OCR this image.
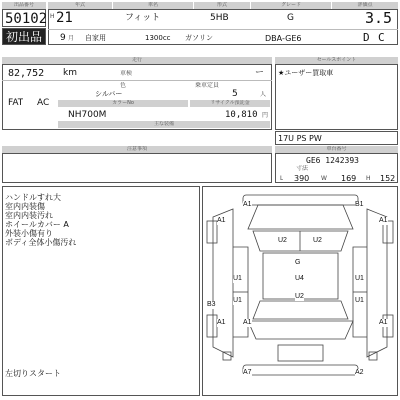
出品番号
50102
初出品
年式	車名	形式	グレード	評価点
H 21	フィット	5HB	G	3.5
9 月 自家用	1300cc ガソリン	DBA-GE6	D C
走行
82,752 km	車検	ー
色	乗車定員
FAT AC
シルバー	5	人
カラーNo	リサイクル預託金
NH700M	10,810 円
主な装備
セールスポイント
★ユーザー買取車
17U PS PW
注意事項	車台番号
GE6 1242393
寸法
L 390 W 169 H 152
ハンドルすれ大
室内内装傷
室内内装汚れ
ホイールカバー A
外装小傷有り
ボディ全体小傷汚れ
左切りスタート
A1	B1
A1	A1
U2	U2
G
U4
U1	U1
U1
U2
A1
U1
B3
A1	A1
A7	A2
